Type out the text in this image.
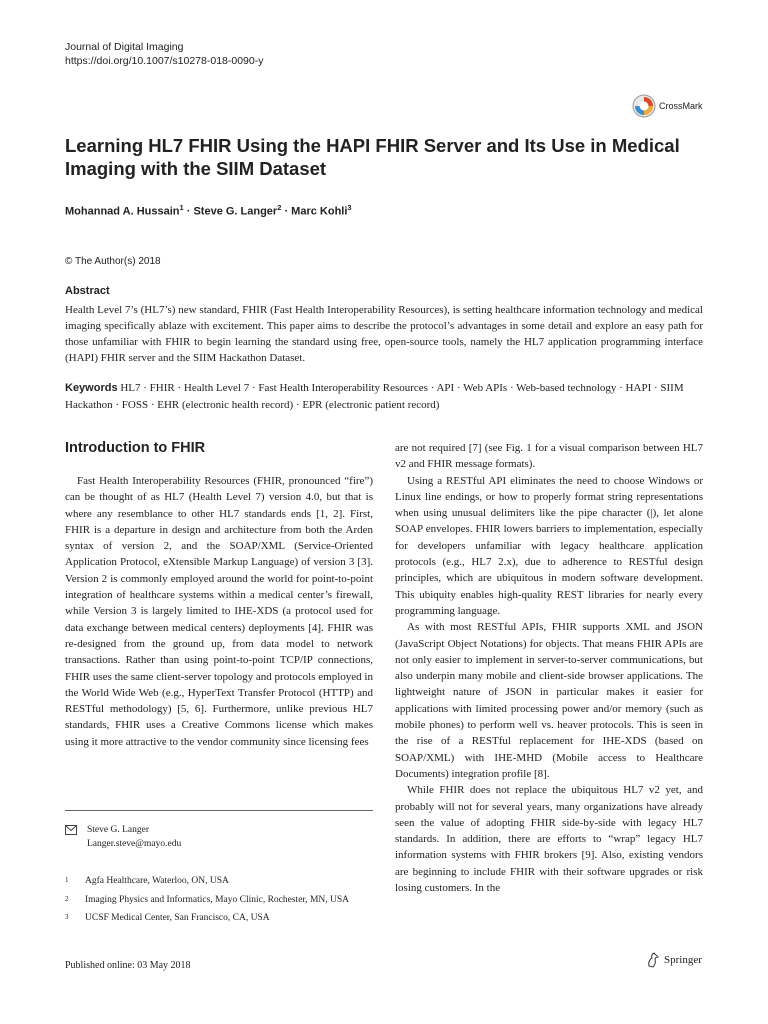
Journal of Digital Imaging
https://doi.org/10.1007/s10278-018-0090-y
CrossMark
Learning HL7 FHIR Using the HAPI FHIR Server and Its Use in Medical Imaging with the SIIM Dataset
Mohannad A. Hussain$^1$ · Steve G. Langer$^2$ · Marc Kohli$^3$
© The Author(s) 2018
Abstract
Health Level 7’s (HL7’s) new standard, FHIR (Fast Health Interoperability Resources), is setting healthcare information technology and medical imaging specifically ablaze with excitement. This paper aims to describe the protocol’s advantages in some detail and explore an easy path for those unfamiliar with FHIR to begin learning the standard using free, open-source tools, namely the HL7 application programming interface (HAPI) FHIR server and the SIIM Hackathon Dataset.
Keywords HL7 · FHIR · Health Level 7 · Fast Health Interoperability Resources · API · Web APIs · Web-based technology · HAPI · SIIM Hackathon · FOSS · EHR (electronic health record) · EPR (electronic patient record)
Introduction to FHIR

Fast Health Interoperability Resources (FHIR, pronounced “fire”) can be thought of as HL7 (Health Level 7) version 4.0, but that is where any resemblance to other HL7 standards ends [1, 2]. First, FHIR is a departure in design and architecture from both the Arden syntax of version 2, and the SOAP/XML (Service-Oriented Application Protocol, eXtensible Markup Language) of version 3 [3]. Version 2 is commonly employed around the world for point-to-point integration of healthcare systems within a medical center’s firewall, while Version 3 is largely limited to IHE-XDS (a protocol used for data exchange between medical centers) deployments [4]. FHIR was re-designed from the ground up, from data model to network transactions. Rather than using point-to-point TCP/IP connections, FHIR uses the same client-server topology and protocols employed in the World Wide Web (e.g., HyperText Transfer Protocol (HTTP) and RESTful methodology) [5, 6]. Furthermore, unlike previous HL7 standards, FHIR uses a Creative Commons license which makes using it more attractive to the vendor community since licensing fees

are not required [7] (see Fig. 1 for a visual comparison between HL7 v2 and FHIR message formats).

Using a RESTful API eliminates the need to choose Windows or Linux line endings, or how to properly format string representations when using unusual delimiters like the pipe character (|), let alone SOAP envelopes. FHIR lowers barriers to implementation, especially for developers unfamiliar with legacy healthcare application protocols (e.g., HL7 2.x), due to adherence to RESTful design principles, which are ubiquitous in modern software development. This ubiquity enables high-quality REST libraries for nearly every programming language.

As with most RESTful APIs, FHIR supports XML and JSON (JavaScript Object Notations) for objects. That means FHIR APIs are not only easier to implement in server-to-server communications, but also underpin many mobile and client-side browser applications. The lightweight nature of JSON in particular makes it easier for applications with limited processing power and/or memory (such as mobile phones) to perform well vs. heaver protocols. This is seen in the rise of a RESTful replacement for IHE-XDS (based on SOAP/XML) with IHE-MHD (Mobile access to Healthcare Documents) integration profile [8].

While FHIR does not replace the ubiquitous HL7 v2 yet, and probably will not for several years, many organizations have already seen the value of adopting FHIR side-by-side with legacy HL7 standards. In addition, there are efforts to “wrap” legacy HL7 information systems with FHIR brokers [9]. Also, existing vendors are beginning to include FHIR with their software upgrades or risk losing customers. In the

Steve G. Langer
Langer.steve@mayo.edu
1 Agfa Healthcare, Waterloo, ON, USA
2 Imaging Physics and Informatics, Mayo Clinic, Rochester, MN, USA
3 UCSF Medical Center, San Francisco, CA, USA
Published online: 03 May 2018	Springer
